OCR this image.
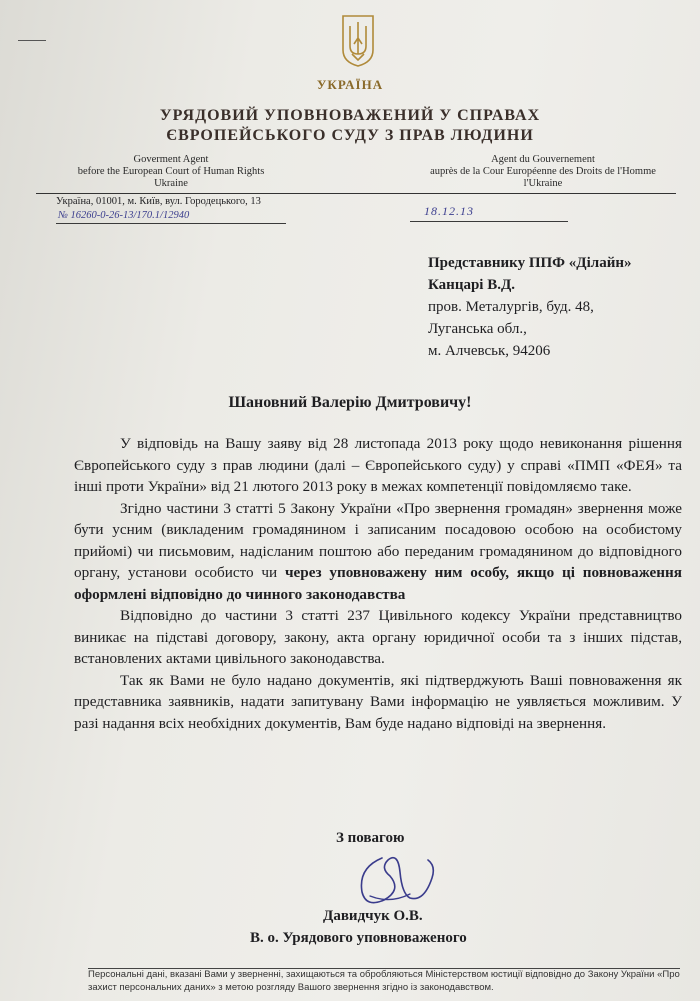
УКРАЇНА
УРЯДОВИЙ УПОВНОВАЖЕНИЙ У СПРАВАХ
ЄВРОПЕЙСЬКОГО СУДУ З ПРАВ ЛЮДИНИ
Goverment Agent
before the European Court of Human Rights
Ukraine
Agent du Gouvernement
auprès de la Cour Européenne des Droits de l'Homme
l'Ukraine
Україна, 01001, м. Київ, вул. Городецького, 13
№ 16260-0-26-13/170.1/12940	18.12.13
Представнику ППФ «Ділайн»
Канцарі В.Д.
пров. Металургів, буд. 48,
Луганська обл.,
м. Алчевськ, 94206
Шановний Валерію Дмитровичу!

У відповідь на Вашу заяву від 28 листопада 2013 року щодо невиконання рішення Європейського суду з прав людини (далі – Європейського суду) у справі «ПМП «ФЕЯ» та інші проти України» від 21 лютого 2013 року в межах компетенції повідомляємо таке.

Згідно частини 3 статті 5 Закону України «Про звернення громадян» звернення може бути усним (викладеним громадянином і записаним посадовою особою на особистому прийомі) чи письмовим, надісланим поштою або переданим громадянином до відповідного органу, установи особисто чи через уповноважену ним особу, якщо ці повноваження оформлені відповідно до чинного законодавства

Відповідно до частини 3 статті 237 Цивільного кодексу України представництво виникає на підставі договору, закону, акта органу юридичної особи та з інших підстав, встановлених актами цивільного законодавства.

Так як Вами не було надано документів, які підтверджують Ваші повноваження як представника заявників, надати запитувану Вами інформацію не уявляється можливим. У разі надання всіх необхідних документів, Вам буде надано відповіді на звернення.

З повагою
Давидчук О.В.
В. о. Урядового уповноваженого
Персональні дані, вказані Вами у зверненні, захищаються та обробляються Міністерством юстиції відповідно до Закону України «Про захист персональних даних» з метою розгляду Вашого звернення згідно із законодавством.
